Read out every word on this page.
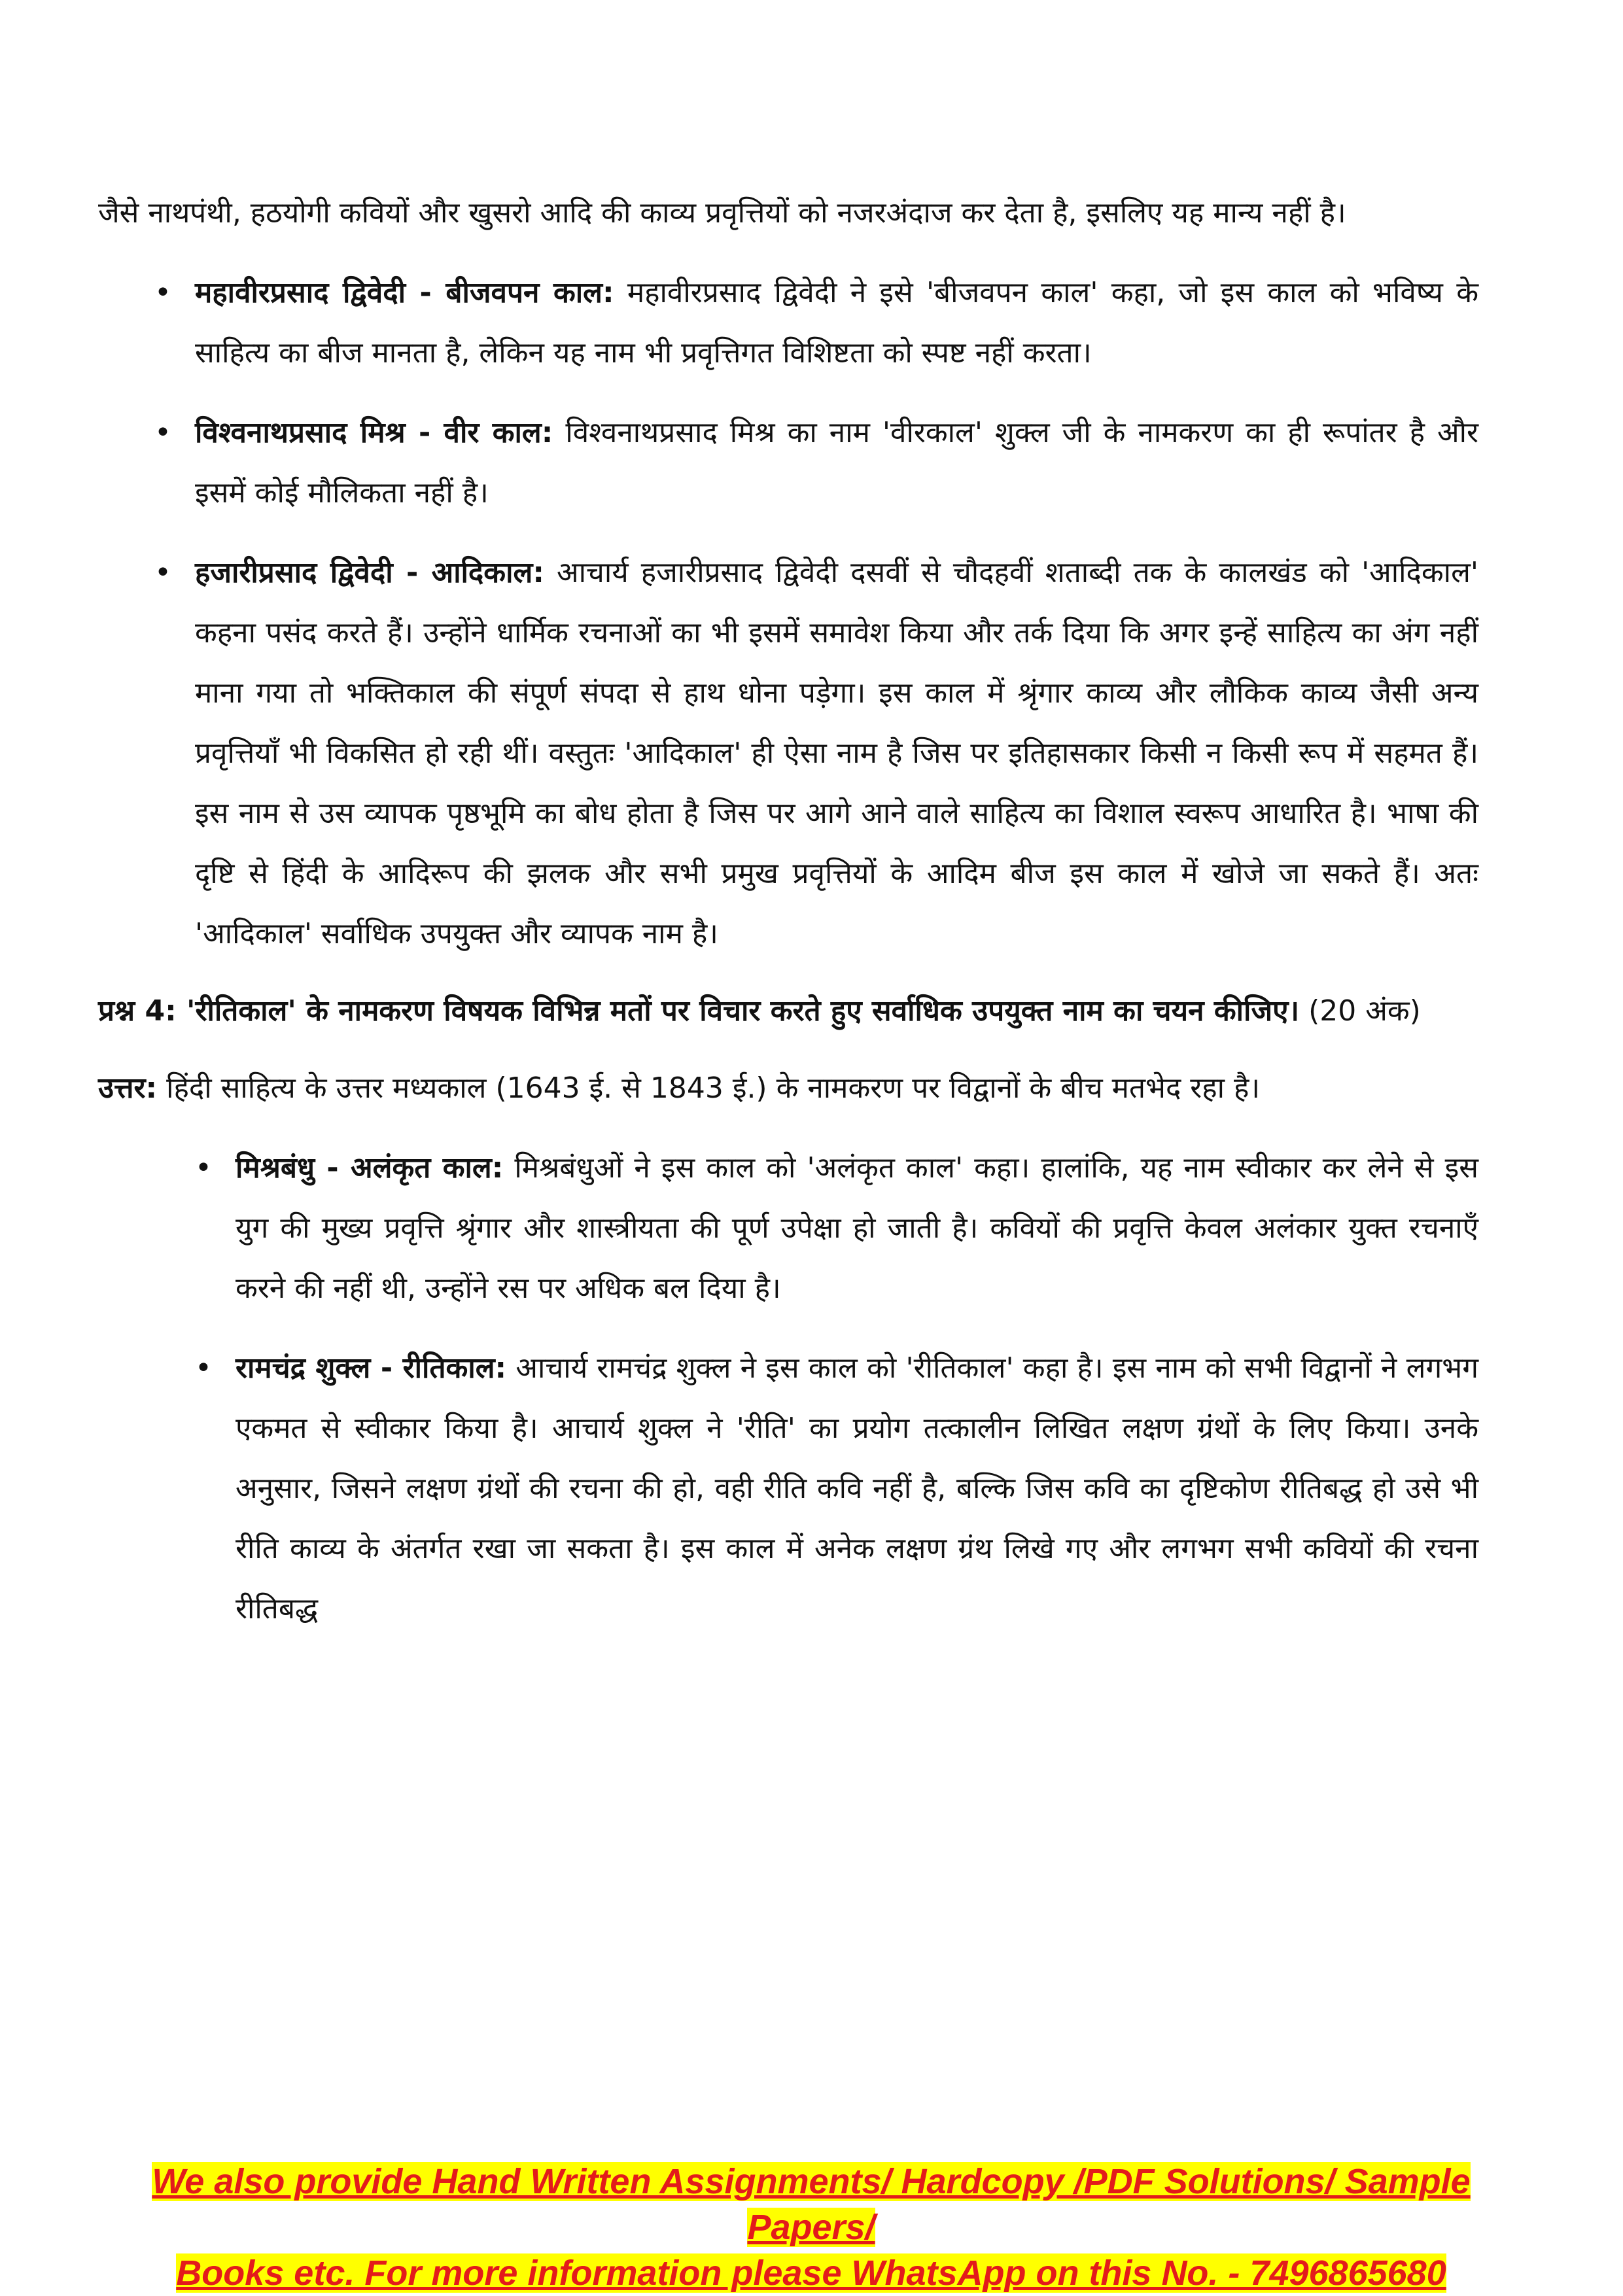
जैसे नाथपंथी, हठयोगी कवियों और खुसरो आदि की काव्य प्रवृत्तियों को नजरअंदाज कर देता है, इसलिए यह मान्य नहीं है।

• महावीरप्रसाद द्विवेदी - बीजवपन काल: महावीरप्रसाद द्विवेदी ने इसे 'बीजवपन काल' कहा, जो इस काल को भविष्य के साहित्य का बीज मानता है, लेकिन यह नाम भी प्रवृत्तिगत विशिष्टता को स्पष्ट नहीं करता।
• विश्वनाथप्रसाद मिश्र - वीर काल: विश्वनाथप्रसाद मिश्र का नाम 'वीरकाल' शुक्ल जी के नामकरण का ही रूपांतर है और इसमें कोई मौलिकता नहीं है।
• हजारीप्रसाद द्विवेदी - आदिकाल: आचार्य हजारीप्रसाद द्विवेदी दसवीं से चौदहवीं शताब्दी तक के कालखंड को 'आदिकाल' कहना पसंद करते हैं। उन्होंने धार्मिक रचनाओं का भी इसमें समावेश किया और तर्क दिया कि अगर इन्हें साहित्य का अंग नहीं माना गया तो भक्तिकाल की संपूर्ण संपदा से हाथ धोना पड़ेगा। इस काल में श्रृंगार काव्य और लौकिक काव्य जैसी अन्य प्रवृत्तियाँ भी विकसित हो रही थीं। वस्तुतः 'आदिकाल' ही ऐसा नाम है जिस पर इतिहासकार किसी न किसी रूप में सहमत हैं। इस नाम से उस व्यापक पृष्ठभूमि का बोध होता है जिस पर आगे आने वाले साहित्य का विशाल स्वरूप आधारित है। भाषा की दृष्टि से हिंदी के आदिरूप की झलक और सभी प्रमुख प्रवृत्तियों के आदिम बीज इस काल में खोजे जा सकते हैं। अतः 'आदिकाल' सर्वाधिक उपयुक्त और व्यापक नाम है।

प्रश्न 4: 'रीतिकाल' के नामकरण विषयक विभिन्न मतों पर विचार करते हुए सर्वाधिक उपयुक्त नाम का चयन कीजिए। (20 अंक)

उत्तर: हिंदी साहित्य के उत्तर मध्यकाल (1643 ई. से 1843 ई.) के नामकरण पर विद्वानों के बीच मतभेद रहा है।

• मिश्रबंधु - अलंकृत काल: मिश्रबंधुओं ने इस काल को 'अलंकृत काल' कहा। हालांकि, यह नाम स्वीकार कर लेने से इस युग की मुख्य प्रवृत्ति श्रृंगार और शास्त्रीयता की पूर्ण उपेक्षा हो जाती है। कवियों की प्रवृत्ति केवल अलंकार युक्त रचनाएँ करने की नहीं थी, उन्होंने रस पर अधिक बल दिया है।
• रामचंद्र शुक्ल - रीतिकाल: आचार्य रामचंद्र शुक्ल ने इस काल को 'रीतिकाल' कहा है। इस नाम को सभी विद्वानों ने लगभग एकमत से स्वीकार किया है। आचार्य शुक्ल ने 'रीति' का प्रयोग तत्कालीन लिखित लक्षण ग्रंथों के लिए किया। उनके अनुसार, जिसने लक्षण ग्रंथों की रचना की हो, वही रीति कवि नहीं है, बल्कि जिस कवि का दृष्टिकोण रीतिबद्ध हो उसे भी रीति काव्य के अंतर्गत रखा जा सकता है। इस काल में अनेक लक्षण ग्रंथ लिखे गए और लगभग सभी कवियों की रचना रीतिबद्ध
We also provide Hand Written Assignments/ Hardcopy /PDF Solutions/ Sample Papers/
Books etc. For more information please WhatsApp on this No. - 7496865680
